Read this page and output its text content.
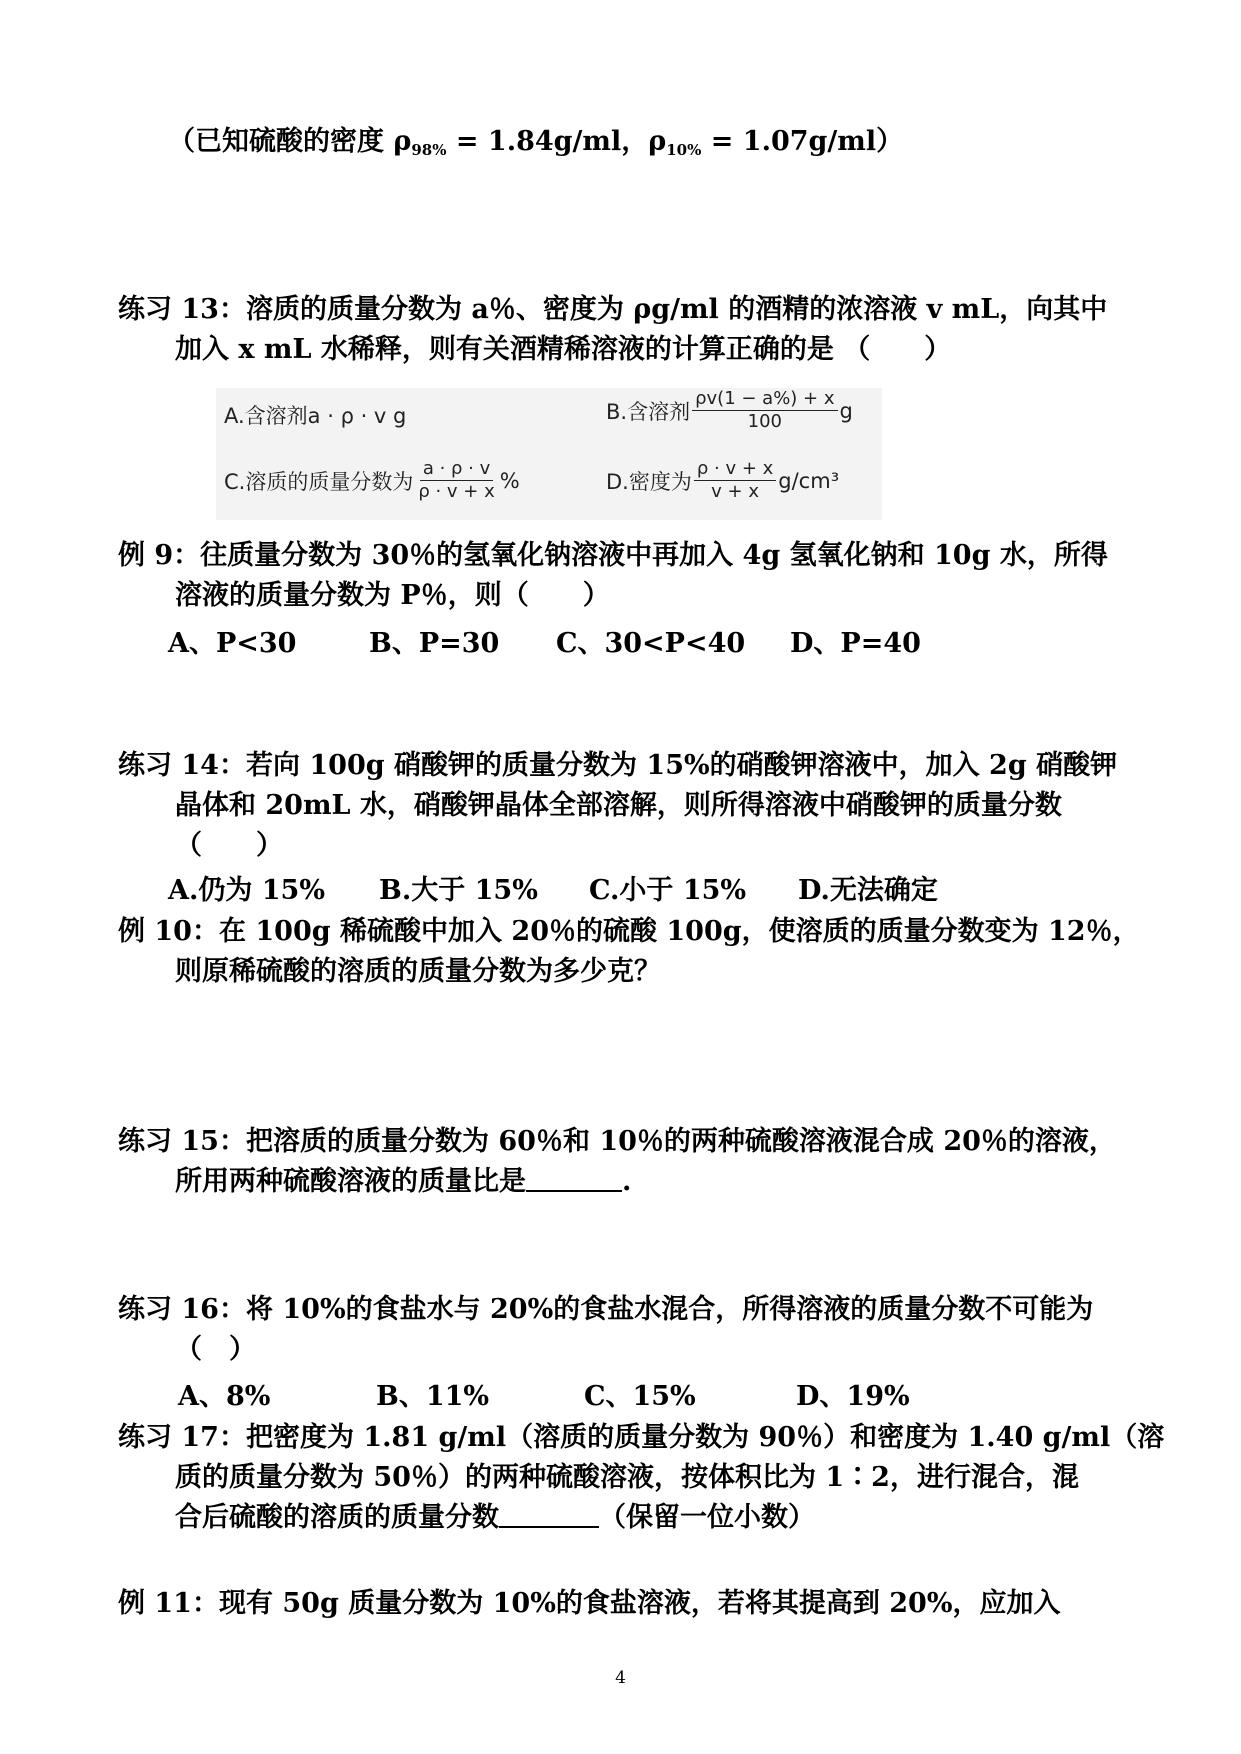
（已知硫酸的密度 $\rho_{98\%} = 1.84g/ml$，$\rho_{10\%} = 1.07g/ml$）
练习 13：溶质的质量分数为 a％、密度为 ρg/ml 的酒精的浓溶液 v mL，向其中
加入 x mL 水稀释，则有关酒精稀溶液的计算正确的是 （　　）
A.含溶剂a · ρ · v g	B.含溶剂 $\frac{\rho v(1 - a\%) + x}{100}$ g
C.溶质的质量分数为 $\frac{a \cdot \rho \cdot v}{\rho \cdot v + x}$ %	D.密度为 $\frac{\rho \cdot v + x}{v + x} g/cm^3$
例 9：往质量分数为 30％的氢氧化钠溶液中再加入 4g 氢氧化钠和 10g 水，所得
溶液的质量分数为 P％，则（　　）
A、P<30	B、P=30 C、30<P<40 D、P=40
练习 14：若向 100g 硝酸钾的质量分数为 15%的硝酸钾溶液中，加入 2g 硝酸钾
晶体和 20mL 水，硝酸钾晶体全部溶解，则所得溶液中硝酸钾的质量分数
（　　）
A.仍为 15% B.大于 15% C.小于 15% D.无法确定
例 10：在 100g 稀硫酸中加入 20％的硫酸 100g，使溶质的质量分数变为 12％，
则原稀硫酸的溶质的质量分数为多少克？
练习 15：把溶质的质量分数为 60％和 10％的两种硫酸溶液混合成 20％的溶液，
所用两种硫酸溶液的质量比是	.
练习 16：将 10%的食盐水与 20%的食盐水混合，所得溶液的质量分数不可能为
（　）
A、8%	B、11%	C、15%	D、19%
练习 17：把密度为 1.81 g/ml（溶质的质量分数为 90％）和密度为 1.40 g/ml（溶
质的质量分数为 50％）的两种硫酸溶液，按体积比为 1∶2，进行混合，混
合后硫酸的溶质的质量分数	（保留一位小数）
例 11：现有 50g 质量分数为 10%的食盐溶液，若将其提高到 20%，应加入
4
